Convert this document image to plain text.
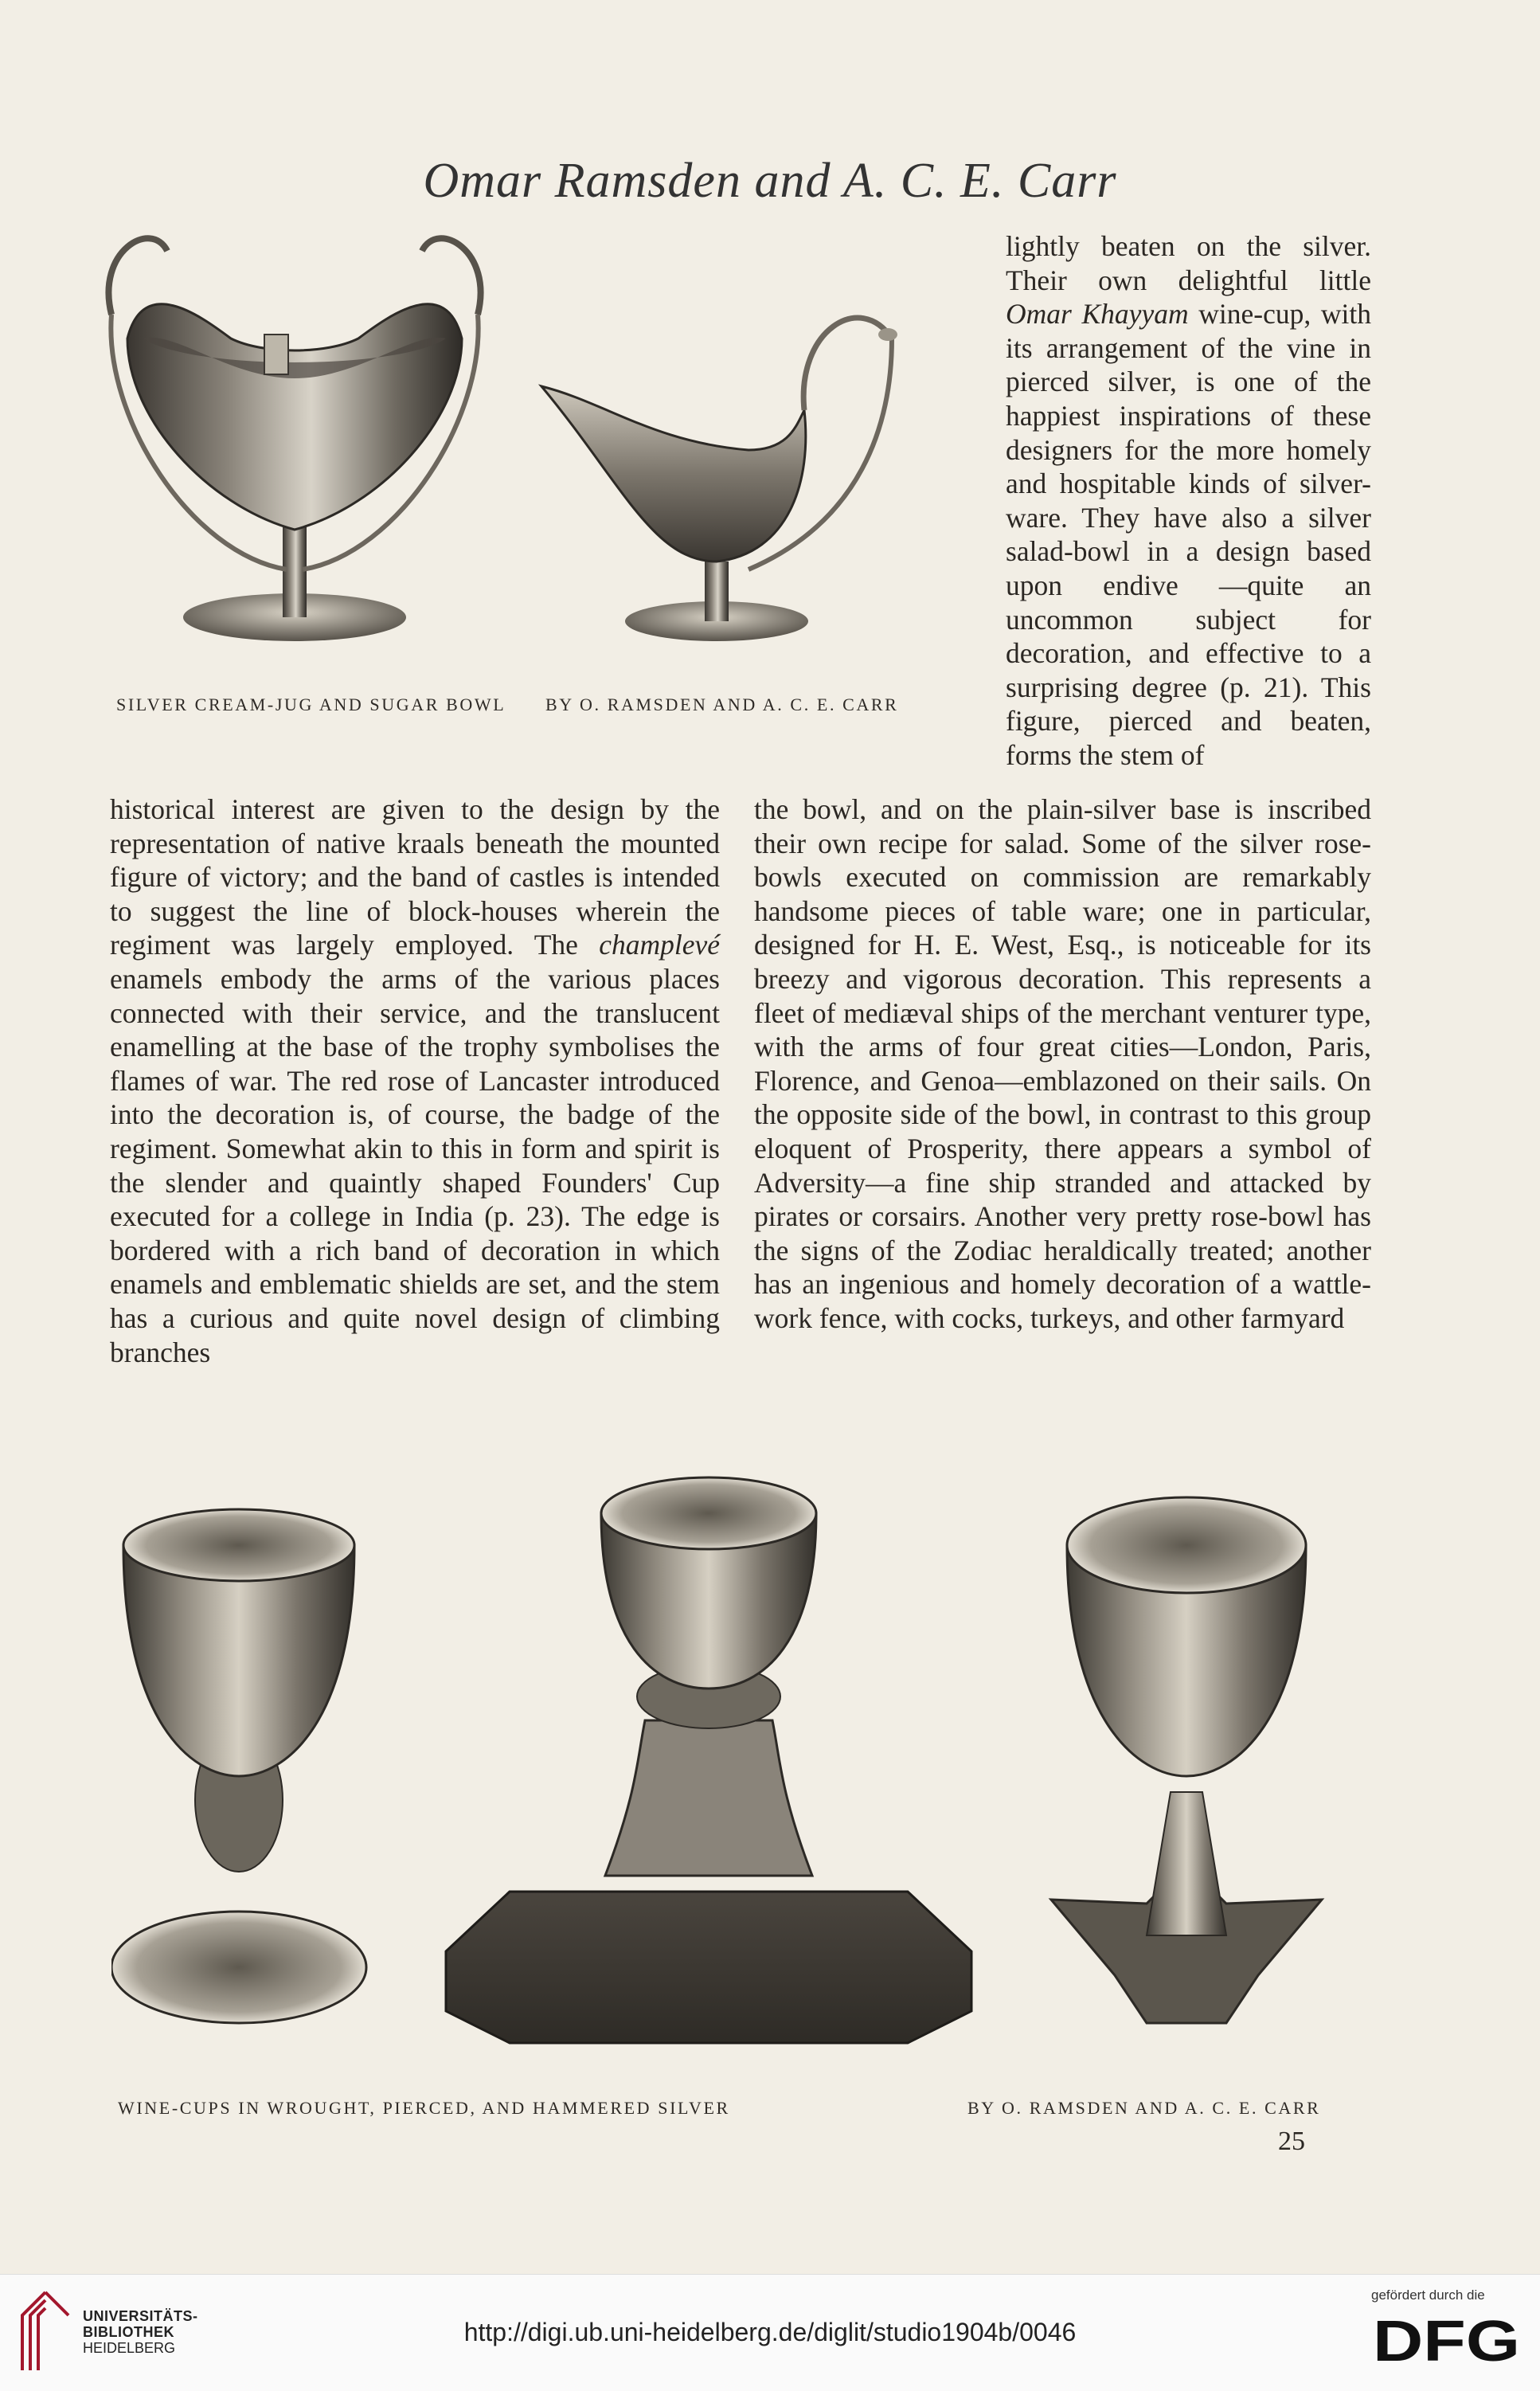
Omar Ramsden and A. C. E. Carr
SILVER CREAM-JUG AND SUGAR BOWL BY O. RAMSDEN AND A. C. E. CARR

lightly beaten on the silver. Their own delightful little Omar Khayyam wine-cup, with its arrangement of the vine in pierced silver, is one of the happiest inspirations of these designers for the more homely and hospitable kinds of silver-ware. They have also a silver salad-bowl in a design based upon endive —quite an uncommon subject for decoration, and effective to a surprising degree (p. 21). This figure, pierced and beaten, forms the stem of

historical interest are given to the design by the representation of native kraals beneath the mounted figure of victory; and the band of castles is intended to suggest the line of block-houses wherein the regiment was largely employed. The champlevé enamels embody the arms of the various places connected with their service, and the translucent enamelling at the base of the trophy symbolises the flames of war. The red rose of Lancaster introduced into the decoration is, of course, the badge of the regiment. Somewhat akin to this in form and spirit is the slender and quaintly shaped Founders' Cup executed for a college in India (p. 23). The edge is bordered with a rich band of decoration in which enamels and emblematic shields are set, and the stem has a curious and quite novel design of climbing branches

the bowl, and on the plain-silver base is inscribed their own recipe for salad. Some of the silver rose-bowls executed on commission are remarkably handsome pieces of table ware; one in particular, designed for H. E. West, Esq., is noticeable for its breezy and vigorous decoration. This represents a fleet of mediæval ships of the merchant venturer type, with the arms of four great cities—London, Paris, Florence, and Genoa—emblazoned on their sails. On the opposite side of the bowl, in contrast to this group eloquent of Prosperity, there appears a symbol of Adversity—a fine ship stranded and attacked by pirates or corsairs. Another very pretty rose-bowl has the signs of the Zodiac heraldically treated; another has an ingenious and homely decoration of a wattle-work fence, with cocks, turkeys, and other farmyard

WINE-CUPS IN WROUGHT, PIERCED, AND HAMMERED SILVER	BY O. RAMSDEN AND A. C. E. CARR
25
UNIVERSITÄTS-
BIBLIOTHEK
HEIDELBERG
http://digi.ub.uni-heidelberg.de/diglit/studio1904b/0046
gefördert durch die
DFG
